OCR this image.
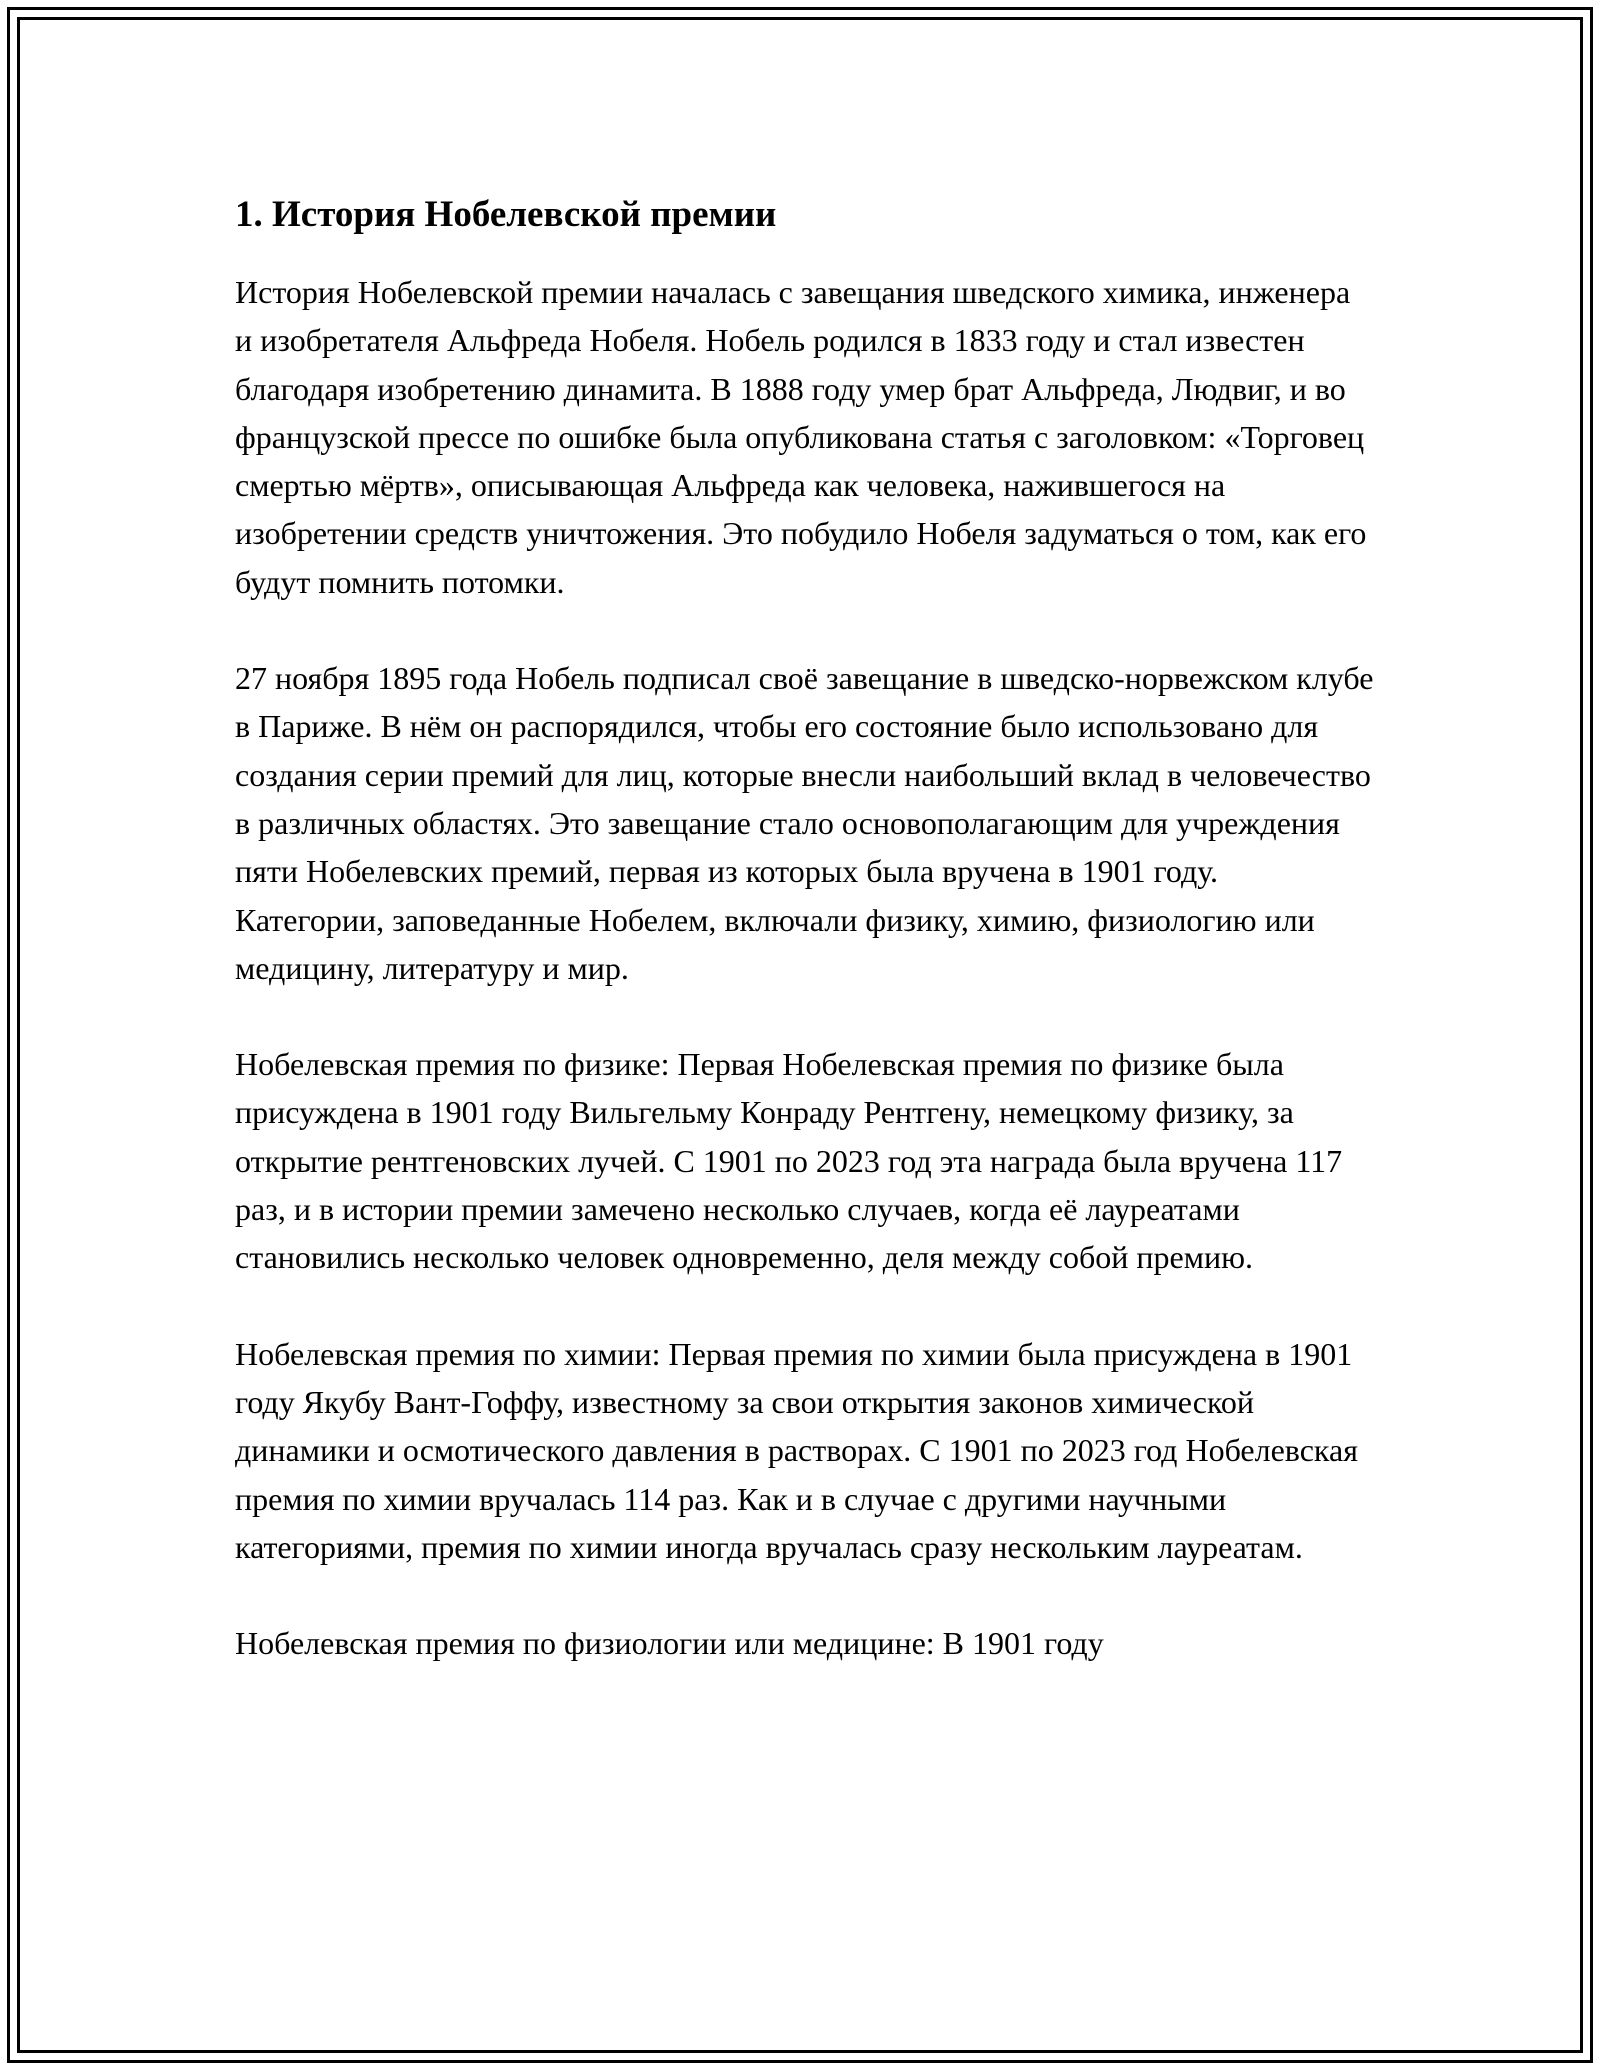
1. История Нобелевской премии

История Нобелевской премии началась с завещания шведского химика, инженера и изобретателя Альфреда Нобеля. Нобель родился в 1833 году и стал известен благодаря изобретению динамита. В 1888 году умер брат Альфреда, Людвиг, и во французской прессе по ошибке была опубликована статья с заголовком: «Торговец смертью мёртв», описывающая Альфреда как человека, нажившегося на изобретении средств уничтожения. Это побудило Нобеля задуматься о том, как его будут помнить потомки.

27 ноября 1895 года Нобель подписал своё завещание в шведско-норвежском клубе в Париже. В нём он распорядился, чтобы его состояние было использовано для создания серии премий для лиц, которые внесли наибольший вклад в человечество в различных областях. Это завещание стало основополагающим для учреждения пяти Нобелевских премий, первая из которых была вручена в 1901 году. Категории, заповеданные Нобелем, включали физику, химию, физиологию или медицину, литературу и мир.

Нобелевская премия по физике: Первая Нобелевская премия по физике была присуждена в 1901 году Вильгельму Конраду Рентгену, немецкому физику, за открытие рентгеновских лучей. С 1901 по 2023 год эта награда была вручена 117 раз, и в истории премии замечено несколько случаев, когда её лауреатами становились несколько человек одновременно, деля между собой премию.

Нобелевская премия по химии: Первая премия по химии была присуждена в 1901 году Якубу Вант-Гоффу, известному за свои открытия законов химической динамики и осмотического давления в растворах. С 1901 по 2023 год Нобелевская премия по химии вручалась 114 раз. Как и в случае с другими научными категориями, премия по химии иногда вручалась сразу нескольким лауреатам.

Нобелевская премия по физиологии или медицине: В 1901 году
